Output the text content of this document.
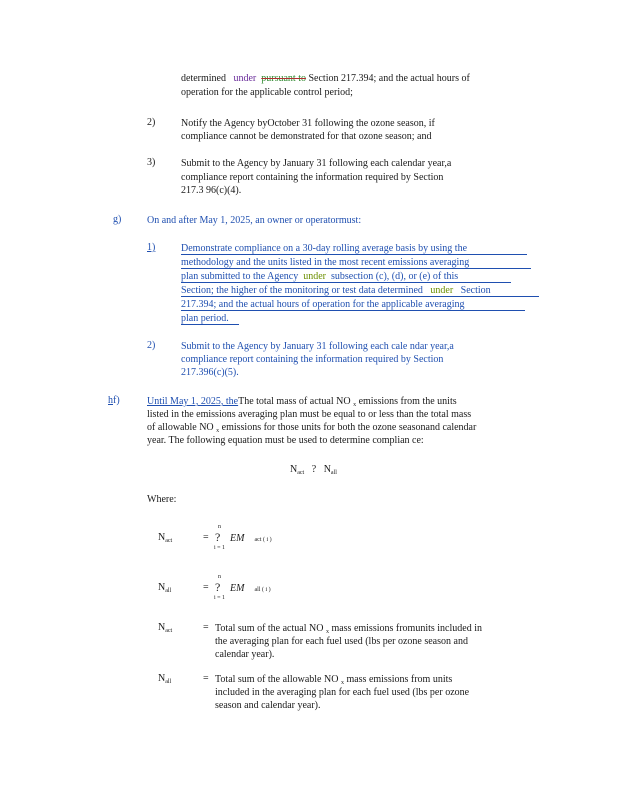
determined under pursuant to Section 217.394; and the actual hours of
operation for the applicable control period;
2)	Notify the Agency byOctober 31 following the ozone season, if
compliance cannot be demonstrated for that ozone season; and
3)	Submit to the Agency by January 31 following each calendar year,a
compliance report containing the information required by Section
217.3 96(c)(4).
g)	On and after May 1, 2025, an owner or operatormust:
1)	Demonstrate compliance on a 30-day rolling average basis by using the
methodology and the units listed in the most recent emissions averaging
plan submitted to the Agency under subsection (c), (d), or (e) of this
Section; the higher of the monitoring or test data determined under Section
217.394; and the actual hours of operation for the applicable averaging
plan period.
2)	Submit to the Agency by January 31 following each cale ndar year,a
compliance report containing the information required by Section
217.396(c)(5).
hf)	Until May 1, 2025, theThe total mass of actual NO $_x$ emissions from the units
listed in the emissions averaging plan must be equal to or less than the total mass
of allowable NO $_x$ emissions for those units for both the ozone seasonand calendar
year. The following equation must be used to determine complian ce:
$N_{act}$ ? $N_{all}$
Where:
$N_{act}$	=
n
?
i = 1
EM act ( i )
$N_{all}$	=
n
?
i = 1
EM all ( i )
$N_{act}$	= Total sum of the actual NO $_x$ mass emissions fromunits included in
the averaging plan for each fuel used (lbs per ozone season and
calendar year).
$N_{all}$	= Total sum of the allowable NO $_x$ mass emissions from units
included in the averaging plan for each fuel used (lbs per ozone
season and calendar year).
